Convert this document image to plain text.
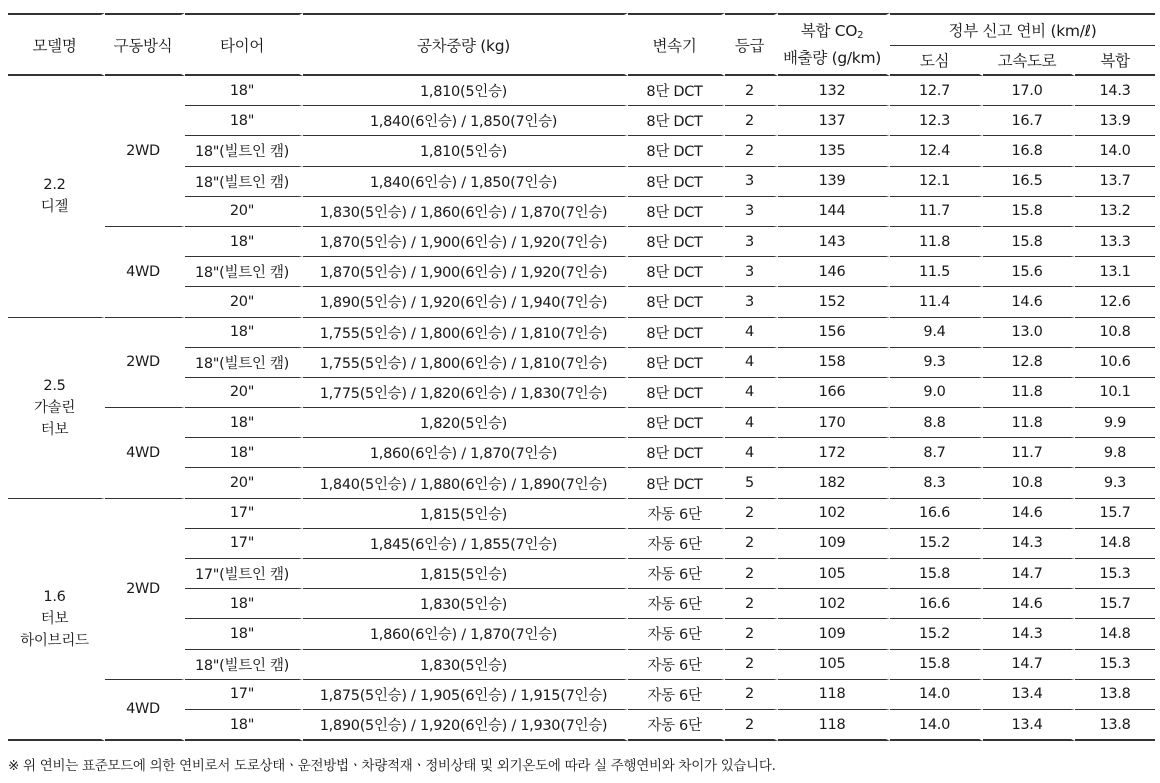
모델명	구동방식	타이어	공차중량 (kg)	변속기	등급	복합 $CO_2$
배출량 (g/km)	정부 신고 연비 (km/ℓ)		
							도심	고속도로	복합

2.2
디젤	2WD	18"	1,810(5인승)	8단 DCT	2	132	12.7	17.0	14.3
		18"	1,840(6인승) / 1,850(7인승)	8단 DCT	2	137	12.3	16.7	13.9
		18"(빌트인 캠)	1,810(5인승)	8단 DCT	2	135	12.4	16.8	14.0
		18"(빌트인 캠)	1,840(6인승) / 1,850(7인승)	8단 DCT	3	139	12.1	16.5	13.7
		20"	1,830(5인승) / 1,860(6인승) / 1,870(7인승)	8단 DCT	3	144	11.7	15.8	13.2
	4WD	18"	1,870(5인승) / 1,900(6인승) / 1,920(7인승)	8단 DCT	3	143	11.8	15.8	13.3
		18"(빌트인 캠)	1,870(5인승) / 1,900(6인승) / 1,920(7인승)	8단 DCT	3	146	11.5	15.6	13.1
		20"	1,890(5인승) / 1,920(6인승) / 1,940(7인승)	8단 DCT	3	152	11.4	14.6	12.6

2.5
가솔린
터보	2WD	18"	1,755(5인승) / 1,800(6인승) / 1,810(7인승)	8단 DCT	4	156	9.4	13.0	10.8
		18"(빌트인 캠)	1,755(5인승) / 1,800(6인승) / 1,810(7인승)	8단 DCT	4	158	9.3	12.8	10.6
		20"	1,775(5인승) / 1,820(6인승) / 1,830(7인승)	8단 DCT	4	166	9.0	11.8	10.1
	4WD	18"	1,820(5인승)	8단 DCT	4	170	8.8	11.8	9.9
		18"	1,860(6인승) / 1,870(7인승)	8단 DCT	4	172	8.7	11.7	9.8
		20"	1,840(5인승) / 1,880(6인승) / 1,890(7인승)	8단 DCT	5	182	8.3	10.8	9.3

1.6
터보
하이브리드	2WD	17"	1,815(5인승)	자동 6단	2	102	16.6	14.6	15.7
		17"	1,845(6인승) / 1,855(7인승)	자동 6단	2	109	15.2	14.3	14.8
		17"(빌트인 캠)	1,815(5인승)	자동 6단	2	105	15.8	14.7	15.3
		18"	1,830(5인승)	자동 6단	2	102	16.6	14.6	15.7
		18"	1,860(6인승) / 1,870(7인승)	자동 6단	2	109	15.2	14.3	14.8
		18"(빌트인 캠)	1,830(5인승)	자동 6단	2	105	15.8	14.7	15.3
	4WD	17"	1,875(5인승) / 1,905(6인승) / 1,915(7인승)	자동 6단	2	118	14.0	13.4	13.8
		18"	1,890(5인승) / 1,920(6인승) / 1,930(7인승)	자동 6단	2	118	14.0	13.4	13.8
※ 위 연비는 표준모드에 의한 연비로서 도로상태ㆍ운전방법ㆍ차량적재ㆍ정비상태 및 외기온도에 따라 실 주행연비와 차이가 있습니다.
